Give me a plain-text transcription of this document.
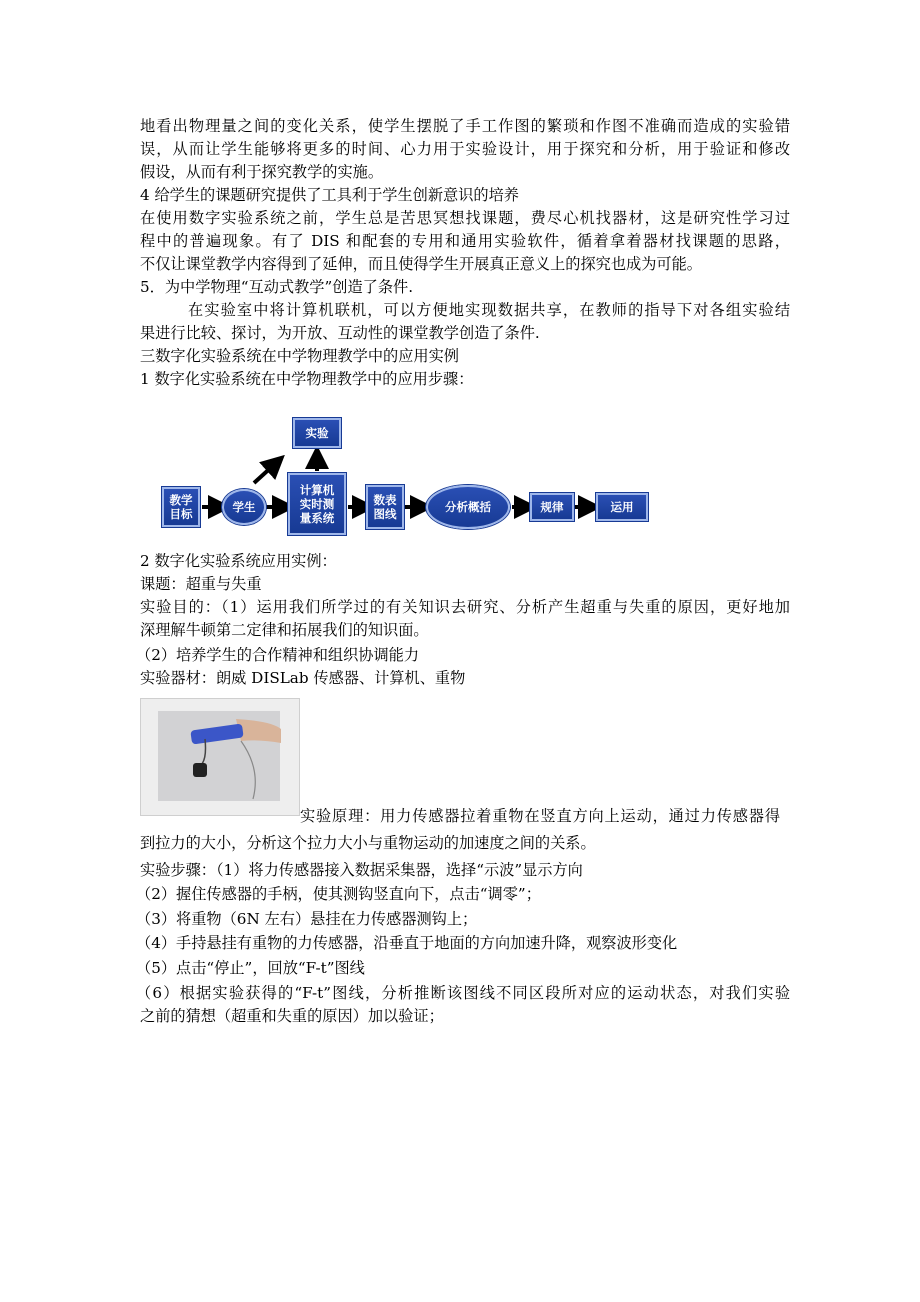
地看出物理量之间的变化关系，使学生摆脱了手工作图的繁琐和作图不准确而造成的实验错
误，从而让学生能够将更多的时间、心力用于实验设计，用于探究和分析，用于验证和修改
假设，从而有利于探究教学的实施。
4 给学生的课题研究提供了工具利于学生创新意识的培养
在使用数字实验系统之前，学生总是苦思冥想找课题，费尽心机找器材，这是研究性学习过
程中的普遍现象。有了 DIS 和配套的专用和通用实验软件，循着拿着器材找课题的思路，
不仅让课堂教学内容得到了延伸，而且使得学生开展真正意义上的探究也成为可能。
5．为中学物理“互动式教学”创造了条件.
在实验室中将计算机联机，可以方便地实现数据共享，在教师的指导下对各组实验结
果进行比较、探讨，为开放、互动性的课堂教学创造了条件.
三数字化实验系统在中学物理教学中的应用实例
1 数字化实验系统在中学物理教学中的应用步骤：
教学
目标	学生
实验
计算机
实时测
量系统
数表
图线	分析概括	规律	运用
2 数字化实验系统应用实例：
课题：超重与失重
实验目的：（1）运用我们所学过的有关知识去研究、分析产生超重与失重的原因，更好地加
深理解牛顿第二定律和拓展我们的知识面。
（2）培养学生的合作精神和组织协调能力
实验器材：朗威 DISLab 传感器、计算机、重物
实验原理：用力传感器拉着重物在竖直方向上运动，通过力传感器得
到拉力的大小，分析这个拉力大小与重物运动的加速度之间的关系。
实验步骤：（1）将力传感器接入数据采集器，选择“示波”显示方向
（2）握住传感器的手柄，使其测钩竖直向下，点击“调零”；
（3）将重物（6N 左右）悬挂在力传感器测钩上；
（4）手持悬挂有重物的力传感器，沿垂直于地面的方向加速升降，观察波形变化
（5）点击“停止”，回放“F-t”图线
（6）根据实验获得的“F-t”图线，分析推断该图线不同区段所对应的运动状态，对我们实验
之前的猜想（超重和失重的原因）加以验证；
